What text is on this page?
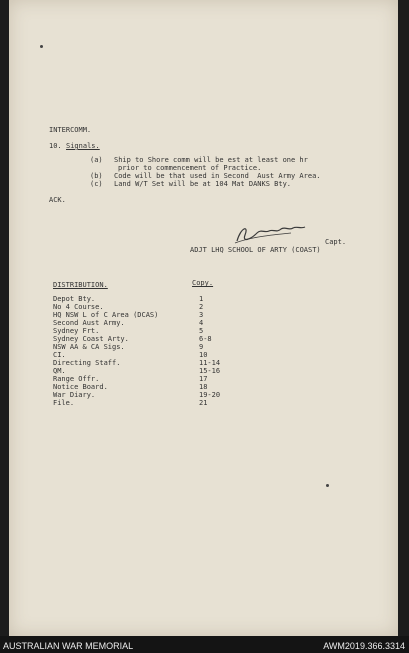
INTERCOMM.
10. Signals.
(a) Ship to Shore comm will be est at least one hr
prior to commencement of Practice.
(b) Code will be that used in Second  Aust Army Area.
(c) Land W/T Set will be at 104 Mat DANKS Bty.
ACK.
Capt.
ADJT LHQ SCHOOL OF ARTY (COAST)
DISTRIBUTION.	Copy.
Depot Bty.	1
No 4 Course.	2
HQ NSW L of C Area (DCAS)	3
Second Aust Army.	4
Sydney Frt.	5
Sydney Coast Arty.	6-8
NSW AA & CA Sigs.	9
CI.	10
Directing Staff.	11-14
QM.	15-16
Range Offr.	17
Notice Board.	18
War Diary.	19-20
File.	21
AUSTRALIAN WAR MEMORIAL	AWM2019.366.3314
